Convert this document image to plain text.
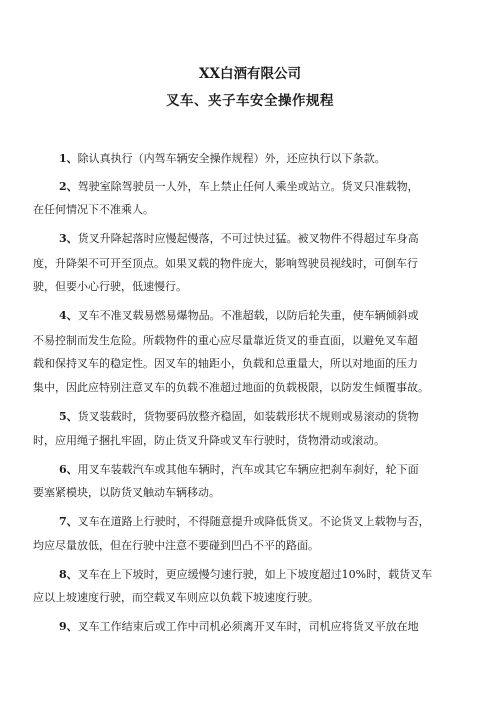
XX白酒有限公司
叉车、夹子车安全操作规程

1、除认真执行（内驾车辆安全操作规程）外，还应执行以下条款。

2、驾驶室除驾驶员一人外，车上禁止任何人乘坐或站立。货叉只准载物，

在任何情况下不准乘人。

3、货叉升降起落时应慢起慢落，不可过快过猛。被叉物件不得超过车身高

度，升降架不可开至顶点。如果叉载的物件庞大，影响驾驶员视线时，可倒车行

驶，但要小心行驶，低速慢行。

4、叉车不准叉载易燃易爆物品。不准超载，以防后轮失重，使车辆倾斜或

不易控制而发生危险。所载物件的重心应尽量靠近货叉的垂直面，以避免叉车超

载和保持叉车的稳定性。因叉车的轴距小，负载和总重量大，所以对地面的压力

集中，因此应特别注意叉车的负载不准超过地面的负载极限，以防发生倾覆事故。

5、货叉装载时，货物要码放整齐稳固，如装载形状不规则或易滚动的货物

时，应用绳子捆扎牢固，防止货叉升降或叉车行驶时，货物滑动或滚动。

6、用叉车装载汽车或其他车辆时，汽车或其它车辆应把刹车刹好，轮下面

要塞紧模块，以防货叉触动车辆移动。

7、叉车在道路上行驶时，不得随意提升或降低货叉。不论货叉上载物与否，

均应尽量放低，但在行驶中注意不要碰到凹凸不平的路面。

8、叉车在上下坡时，更应缓慢匀速行驶，如上下坡度超过10%时，载货叉车

应以上坡速度行驶，而空载叉车则应以负载下坡速度行驶。

9、叉车工作结束后或工作中司机必须离开叉车时，司机应将货叉平放在地
